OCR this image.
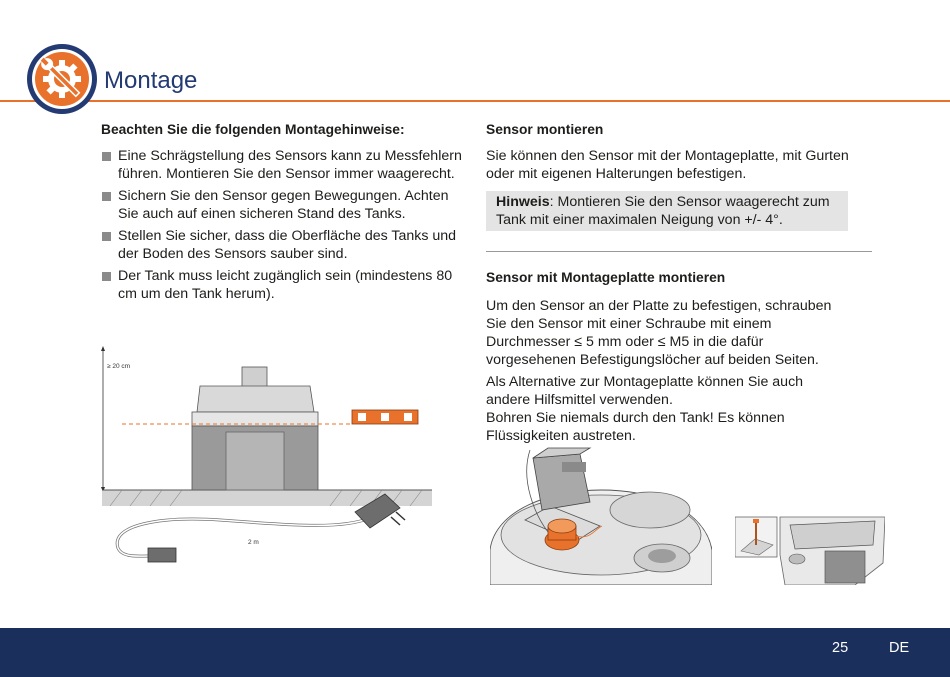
Montage
Beachten Sie die folgenden Montagehinweise:
Eine Schrägstellung des Sensors kann zu Messfehlern führen. Montieren Sie den Sensor immer waagerecht.
Sichern Sie den Sensor gegen Bewegungen. Achten Sie auch auf einen sicheren Stand des Tanks.
Stellen Sie sicher, dass die Oberfläche des Tanks und der Boden des Sensors sauber sind.
Der Tank muss leicht zugänglich sein (mindestens 80 cm um den Tank herum).
≥ 20 cm
2 m
Sensor montieren

Sie können den Sensor mit der Montageplatte, mit Gurten oder mit eigenen Halterungen befestigen.

Hinweis: Montieren Sie den Sensor waagerecht zum Tank mit einer maximalen Neigung von +/- 4°.
Sensor mit Montageplatte montieren

Um den Sensor an der Platte zu befestigen, schrauben Sie den Sensor mit einer Schraube mit einem Durchmesser ≤ 5 mm oder ≤ M5 in die dafür vorgesehenen Befestigungslöcher auf beiden Seiten.

Als Alternative zur Montageplatte können Sie auch andere Hilfsmittel verwenden.

Bohren Sie niemals durch den Tank! Es können Flüssigkeiten austreten.

25	DE
